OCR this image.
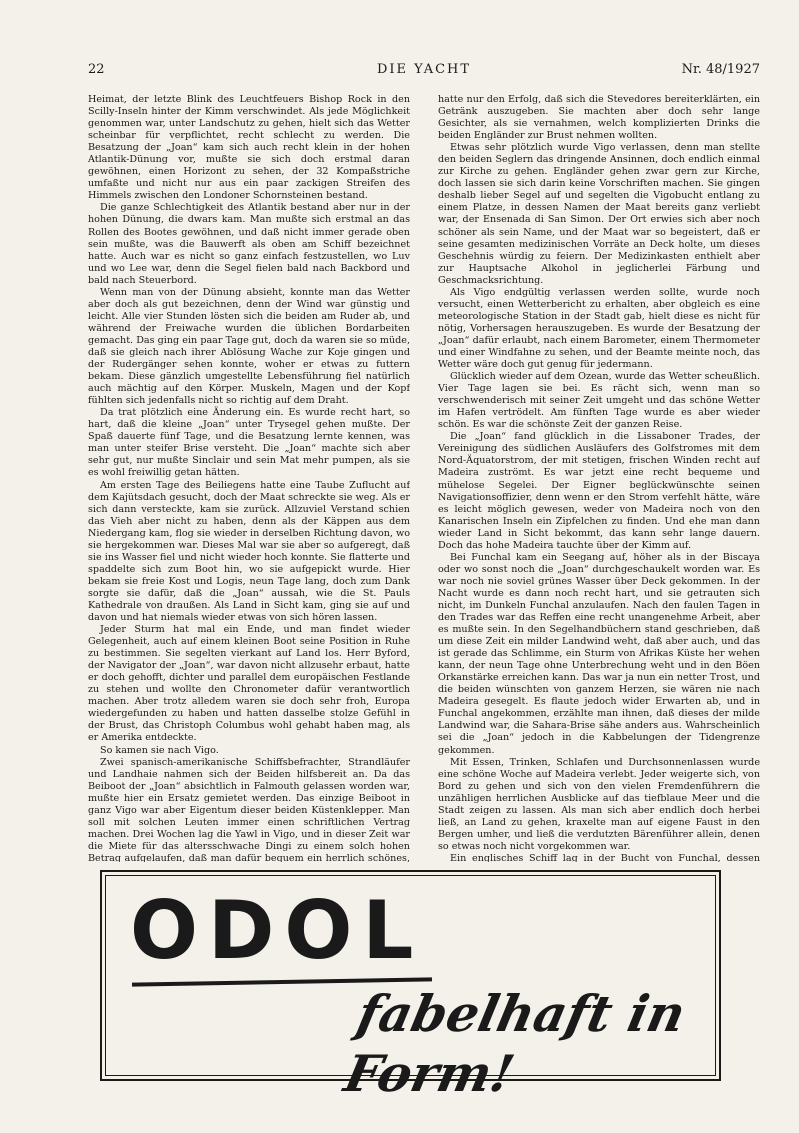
22	DIE YACHT	Nr. 48/1927

Heimat, der letzte Blink des Leuchtfeuers Bishop Rock in den Scilly-Inseln hinter der Kimm verschwindet. Als jede Möglichkeit genommen war, unter Landschutz zu gehen, hielt sich das Wetter scheinbar für verpflichtet, recht schlecht zu werden. Die Besatzung der „Joan“ kam sich auch recht klein in der hohen Atlantik-Dünung vor, mußte sie sich doch erstmal daran gewöhnen, einen Horizont zu sehen, der 32 Kompaßstriche umfaßte und nicht nur aus ein paar zackigen Streifen des Himmels zwischen den Londoner Schornsteinen bestand.

Die ganze Schlechtigkeit des Atlantik bestand aber nur in der hohen Dünung, die dwars kam. Man mußte sich erstmal an das Rollen des Bootes gewöhnen, und daß nicht immer gerade oben sein mußte, was die Bauwerft als oben am Schiff bezeichnet hatte. Auch war es nicht so ganz einfach festzustellen, wo Luv und wo Lee war, denn die Segel fielen bald nach Backbord und bald nach Steuerbord.

Wenn man von der Dünung absieht, konnte man das Wetter aber doch als gut bezeichnen, denn der Wind war günstig und leicht. Alle vier Stunden lösten sich die beiden am Ruder ab, und während der Freiwache wurden die üblichen Bordarbeiten gemacht. Das ging ein paar Tage gut, doch da waren sie so müde, daß sie gleich nach ihrer Ablösung Wache zur Koje gingen und der Rudergänger sehen konnte, woher er etwas zu futtern bekam. Diese gänzlich umgestellte Lebensführung fiel natürlich auch mächtig auf den Körper. Muskeln, Magen und der Kopf fühlten sich jedenfalls nicht so richtig auf dem Draht.

Da trat plötzlich eine Änderung ein. Es wurde recht hart, so hart, daß die kleine „Joan“ unter Trysegel gehen mußte. Der Spaß dauerte fünf Tage, und die Besatzung lernte kennen, was man unter steifer Brise versteht. Die „Joan“ machte sich aber sehr gut, nur mußte Sinclair und sein Mat mehr pumpen, als sie es wohl freiwillig getan hätten.

Am ersten Tage des Beiliegens hatte eine Taube Zuflucht auf dem Kajütsdach gesucht, doch der Maat schreckte sie weg. Als er sich dann versteckte, kam sie zurück. Allzuviel Verstand schien das Vieh aber nicht zu haben, denn als der Käppen aus dem Niedergang kam, flog sie wieder in derselben Richtung davon, wo sie hergekommen war. Dieses Mal war sie aber so aufgeregt, daß sie ins Wasser fiel und nicht wieder hoch konnte. Sie flatterte und spaddelte sich zum Boot hin, wo sie aufgepickt wurde. Hier bekam sie freie Kost und Logis, neun Tage lang, doch zum Dank sorgte sie dafür, daß die „Joan“ aussah, wie die St. Pauls Kathedrale von draußen. Als Land in Sicht kam, ging sie auf und davon und hat niemals wieder etwas von sich hören lassen.

Jeder Sturm hat mal ein Ende, und man findet wieder Gelegenheit, auch auf einem kleinen Boot seine Position in Ruhe zu bestimmen. Sie segelten vierkant auf Land los. Herr Byford, der Navigator der „Joan“, war davon nicht allzusehr erbaut, hatte er doch gehofft, dichter und parallel dem europäischen Festlande zu stehen und wollte den Chronometer dafür verantwortlich machen. Aber trotz alledem waren sie doch sehr froh, Europa wiedergefunden zu haben und hatten dasselbe stolze Gefühl in der Brust, das Christoph Columbus wohl gehabt haben mag, als er Amerika entdeckte.

So kamen sie nach Vigo.

Zwei spanisch-amerikanische Schiffsbefrachter, Strandläufer und Landhaie nahmen sich der Beiden hilfsbereit an. Da das Beiboot der „Joan“ absichtlich in Falmouth gelassen worden war, mußte hier ein Ersatz gemietet werden. Das einzige Beiboot in ganz Vigo war aber Eigentum dieser beiden Küstenklepper. Man soll mit solchen Leuten immer einen schriftlichen Vertrag machen. Drei Wochen lag die Yawl in Vigo, und in dieser Zeit war die Miete für das altersschwache Dingi zu einem solch hohen Betrag aufgelaufen, daß man dafür bequem ein herrlich schönes,

hatte nur den Erfolg, daß sich die Stevedores bereiterklärten, ein Getränk auszugeben. Sie machten aber doch sehr lange Gesichter, als sie vernahmen, welch komplizierten Drinks die beiden Engländer zur Brust nehmen wollten.

Etwas sehr plötzlich wurde Vigo verlassen, denn man stellte den beiden Seglern das dringende Ansinnen, doch endlich einmal zur Kirche zu gehen. Engländer gehen zwar gern zur Kirche, doch lassen sie sich darin keine Vorschriften machen. Sie gingen deshalb lieber Segel auf und segelten die Vigobucht entlang zu einem Platze, in dessen Namen der Maat bereits ganz verliebt war, der Ensenada di San Simon. Der Ort erwies sich aber noch schöner als sein Name, und der Maat war so begeistert, daß er seine gesamten medizinischen Vorräte an Deck holte, um dieses Geschehnis würdig zu feiern. Der Medizinkasten enthielt aber zur Hauptsache Alkohol in jeglicherlei Färbung und Geschmacksrichtung.

Als Vigo endgültig verlassen werden sollte, wurde noch versucht, einen Wetterbericht zu erhalten, aber obgleich es eine meteorologische Station in der Stadt gab, hielt diese es nicht für nötig, Vorhersagen herauszugeben. Es wurde der Besatzung der „Joan“ dafür erlaubt, nach einem Barometer, einem Thermometer und einer Windfahne zu sehen, und der Beamte meinte noch, das Wetter wäre doch gut genug für jedermann.

Glücklich wieder auf dem Ozean, wurde das Wetter scheußlich. Vier Tage lagen sie bei. Es rächt sich, wenn man so verschwenderisch mit seiner Zeit umgeht und das schöne Wetter im Hafen vertrödelt. Am fünften Tage wurde es aber wieder schön. Es war die schönste Zeit der ganzen Reise.

Die „Joan“ fand glücklich in die Lissaboner Trades, der Vereinigung des südlichen Ausläufers des Golfstromes mit dem Nord-Äquatorstrom, der mit stetigen, frischen Winden recht auf Madeira zuströmt. Es war jetzt eine recht bequeme und mühelose Segelei. Der Eigner beglückwünschte seinen Navigationsoffizier, denn wenn er den Strom verfehlt hätte, wäre es leicht möglich gewesen, weder von Madeira noch von den Kanarischen Inseln ein Zipfelchen zu finden. Und ehe man dann wieder Land in Sicht bekommt, das kann sehr lange dauern. Doch das hohe Madeira tauchte über der Kimm auf.

Bei Funchal kam ein Seegang auf, höher als in der Biscaya oder wo sonst noch die „Joan“ durchgeschaukelt worden war. Es war noch nie soviel grünes Wasser über Deck gekommen. In der Nacht wurde es dann noch recht hart, und sie getrauten sich nicht, im Dunkeln Funchal anzulaufen. Nach den faulen Tagen in den Trades war das Reffen eine recht unangenehme Arbeit, aber es mußte sein. In den Segelhandbüchern stand geschrieben, daß um diese Zeit ein milder Landwind weht, daß aber auch, und das ist gerade das Schlimme, ein Sturm von Afrikas Küste her wehen kann, der neun Tage ohne Unterbrechung weht und in den Böen Orkanstärke erreichen kann. Das war ja nun ein netter Trost, und die beiden wünschten von ganzem Herzen, sie wären nie nach Madeira gesegelt. Es flaute jedoch wider Erwarten ab, und in Funchal angekommen, erzählte man ihnen, daß dieses der milde Landwind war, die Sahara-Brise sähe anders aus. Wahrscheinlich sei die „Joan“ jedoch in die Kabbelungen der Tidengrenze gekommen.

Mit Essen, Trinken, Schlafen und Durchsonnenlassen wurde eine schöne Woche auf Madeira verlebt. Jeder weigerte sich, von Bord zu gehen und sich von den vielen Fremdenführern die unzähligen herrlichen Ausblicke auf das tiefblaue Meer und die Stadt zeigen zu lassen. Als man sich aber endlich doch herbei ließ, an Land zu gehen, kraxelte man auf eigene Faust in den Bergen umher, und ließ die verdutzten Bärenführer allein, denen so etwas noch nicht vorgekommen war.

Ein englisches Schiff lag in der Bucht von Funchal, dessen

ODOL
fabelhaft in Form!
